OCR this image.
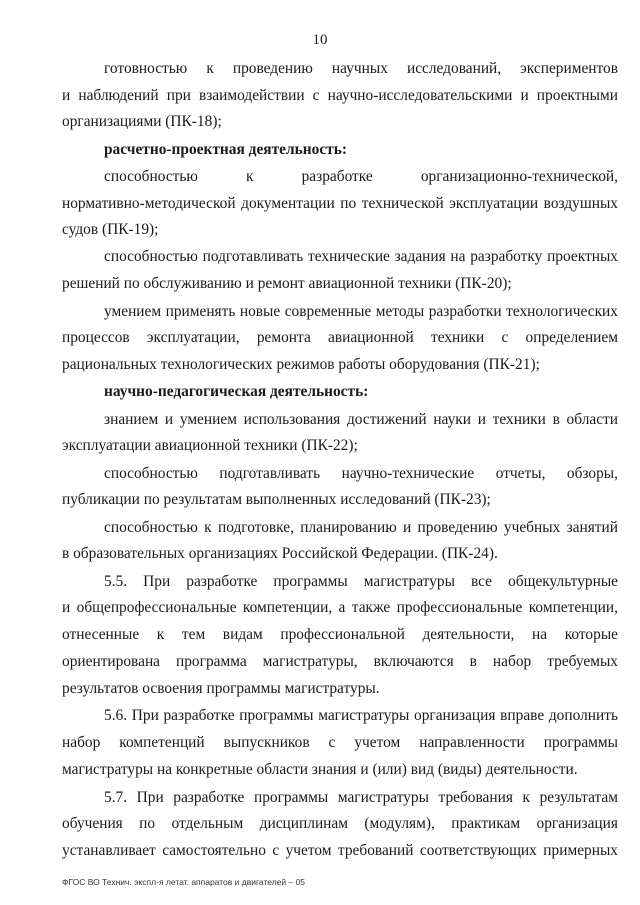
10
готовностью к проведению научных исследований, экспериментов
и наблюдений при взаимодействии с научно-исследовательскими и проектными
организациями (ПК-18);
расчетно-проектная деятельность:
способностью к разработке организационно-технической,
нормативно-методической документации по технической эксплуатации воздушных
судов (ПК-19);
способностью подготавливать технические задания на разработку проектных
решений по обслуживанию и ремонт авиационной техники (ПК-20);
умением применять новые современные методы разработки технологических
процессов эксплуатации, ремонта авиационной техники с определением
рациональных технологических режимов работы оборудования (ПК-21);
научно-педагогическая деятельность:
знанием и умением использования достижений науки и техники в области
эксплуатации авиационной техники (ПК-22);
способностью подготавливать научно-технические отчеты, обзоры,
публикации по результатам выполненных исследований (ПК-23);
способностью к подготовке, планированию и проведению учебных занятий
в образовательных организациях Российской Федерации. (ПК-24).
5.5. При разработке программы магистратуры все общекультурные
и общепрофессиональные компетенции, а также профессиональные компетенции,
отнесенные к тем видам профессиональной деятельности, на которые
ориентирована программа магистратуры, включаются в набор требуемых
результатов освоения программы магистратуры.
5.6. При разработке программы магистратуры организация вправе дополнить
набор компетенций выпускников с учетом направленности программы
магистратуры на конкретные области знания и (или) вид (виды) деятельности.
5.7. При разработке программы магистратуры требования к результатам
обучения по отдельным дисциплинам (модулям), практикам организация
устанавливает самостоятельно с учетом требований соответствующих примерных
ФГОС ВО Технич. экспл-я летат. аппаратов и двигателей – 05
